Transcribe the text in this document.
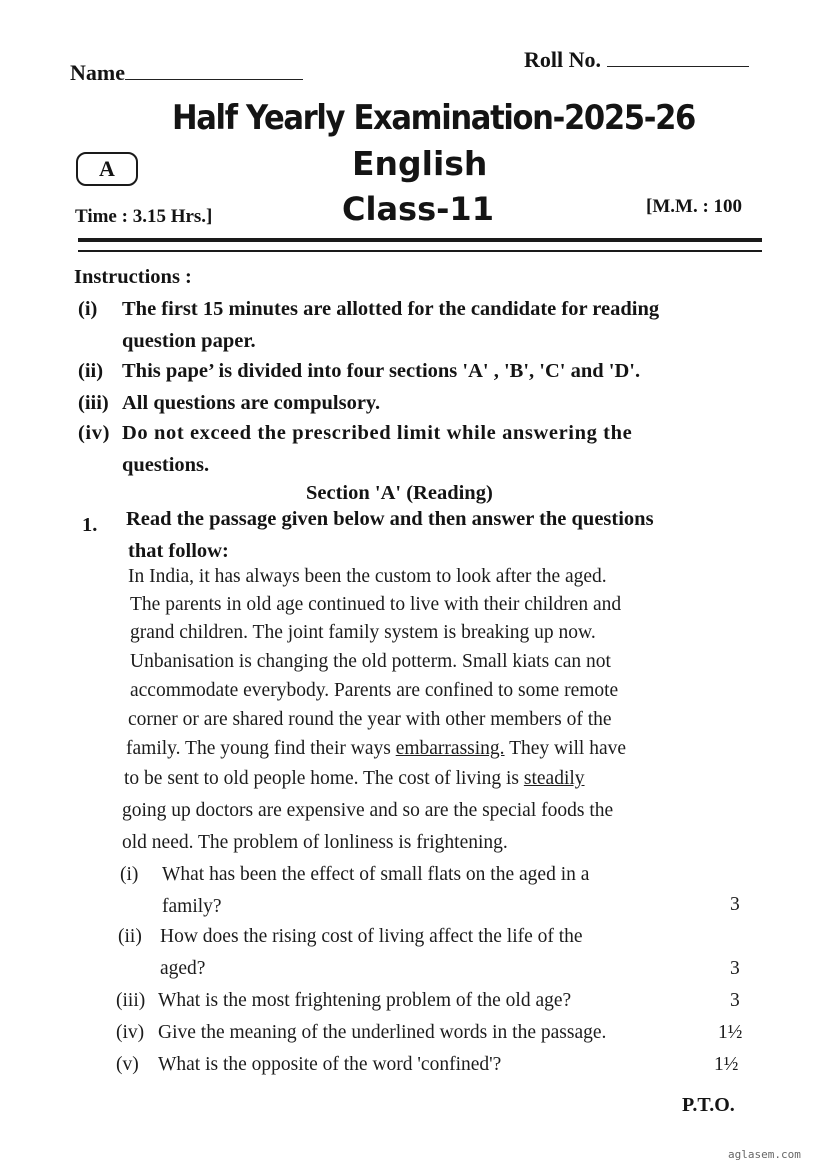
Name
Roll No.
Half Yearly Examination-2025-26
A	English
Time : 3.15 Hrs.]	Class-11	[M.M. : 100
Instructions :
(i) The first 15 minutes are allotted for the candidate for reading
question paper.
(ii) This pape’ is divided into four sections 'A' , 'B', 'C' and 'D'.
(iii) All questions are compulsory.
(iv) Do not exceed the prescribed limit while answering the
questions.
Section 'A' (Reading)
1. Read the passage given below and then answer the questions
that follow:
In India, it has always been the custom to look after the aged.
The parents in old age continued to live with their children and
grand children. The joint family system is breaking up now.
Unbanisation is changing the old potterm. Small kiats can not
accommodate everybody. Parents are confined to some remote
corner or are shared round the year with other members of the
family. The young find their ways embarrassing. They will have
to be sent to old people home. The cost of living is steadily
going up doctors are expensive and so are the special foods the
old need. The problem of lonliness is frightening.
(i) What has been the effect of small flats on the aged in a
family?	3
(ii) How does the rising cost of living affect the life of the
aged?	3
(iii) What is the most frightening problem of the old age?	3
(iv) Give the meaning of the underlined words in the passage.	1½
(v) What is the opposite of the word 'confined'?	1½
P.T.O.
aglasem.com
